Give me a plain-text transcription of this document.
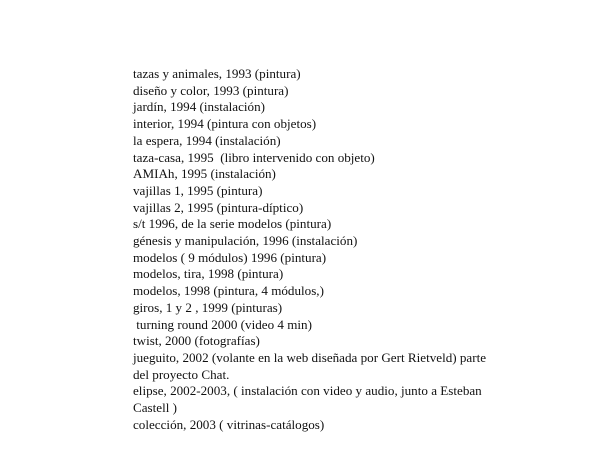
tazas y animales, 1993 (pintura)
diseño y color, 1993 (pintura)
jardín, 1994 (instalación)
interior, 1994 (pintura con objetos)
la espera, 1994 (instalación)
taza-casa, 1995  (libro intervenido con objeto)
AMIAh, 1995 (instalación)
vajillas 1, 1995 (pintura)
vajillas 2, 1995 (pintura-díptico)
s/t 1996, de la serie modelos (pintura)
génesis y manipulación, 1996 (instalación)
modelos ( 9 módulos) 1996 (pintura)
modelos, tira, 1998 (pintura)
modelos, 1998 (pintura, 4 módulos,)
giros, 1 y 2 , 1999 (pinturas)
turning round 2000 (video 4 min)
twist, 2000 (fotografías)
jueguito, 2002 (volante en la web diseñada por Gert Rietveld) parte
del proyecto Chat.
elipse, 2002-2003, ( instalación con video y audio, junto a Esteban
Castell )
colección, 2003 ( vitrinas-catálogos)
